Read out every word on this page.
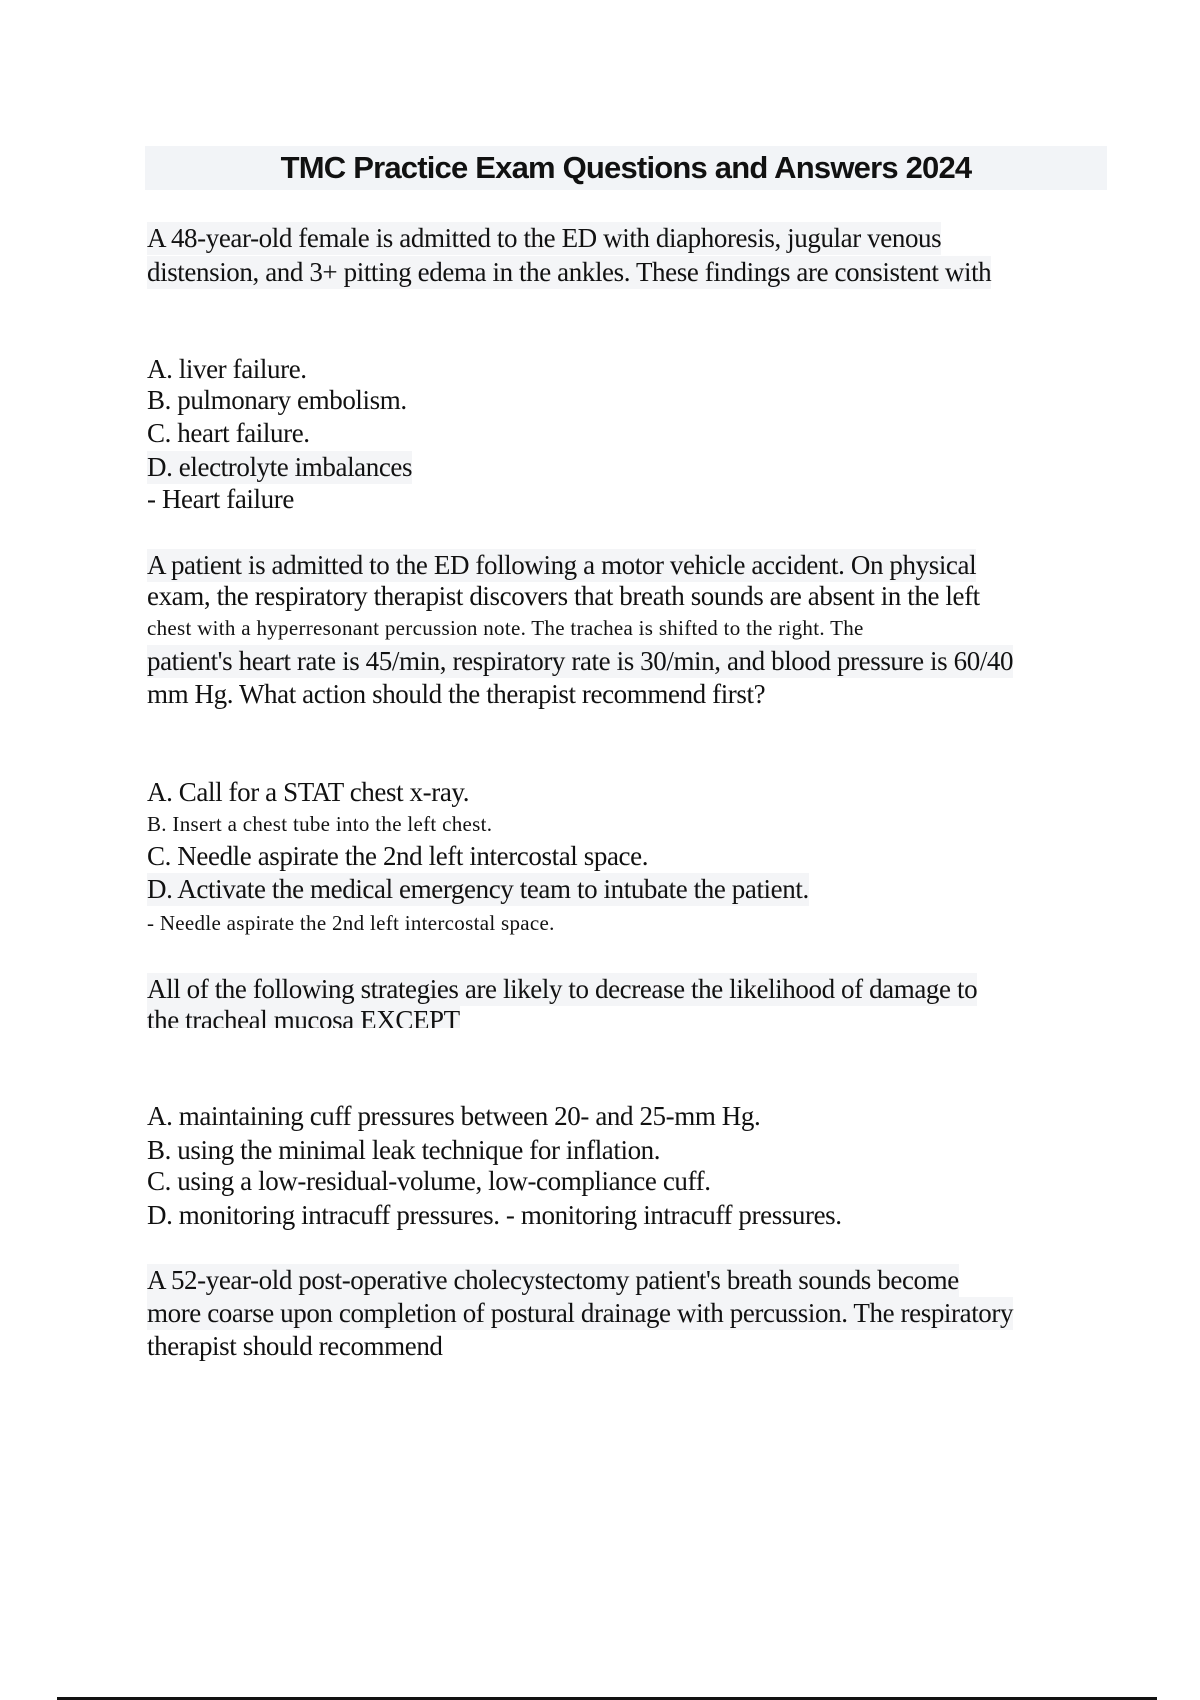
TMC Practice Exam Questions and Answers 2024
A 48-year-old female is admitted to the ED with diaphoresis, jugular venous
distension, and 3+ pitting edema in the ankles. These findings are consistent with
A. liver failure.
B. pulmonary embolism.
C. heart failure.
D. electrolyte imbalances
- Heart failure
A patient is admitted to the ED following a motor vehicle accident. On physical
exam, the respiratory therapist discovers that breath sounds are absent in the left
chest with a hyperresonant percussion note. The trachea is shifted to the right. The
patient's heart rate is 45/min, respiratory rate is 30/min, and blood pressure is 60/40
mm Hg. What action should the therapist recommend first?
A. Call for a STAT chest x-ray.
B. Insert a chest tube into the left chest.
C. Needle aspirate the 2nd left intercostal space.
D. Activate the medical emergency team to intubate the patient.
- Needle aspirate the 2nd left intercostal space.
All of the following strategies are likely to decrease the likelihood of damage to
the tracheal mucosa EXCEPT
A. maintaining cuff pressures between 20- and 25-mm Hg.
B. using the minimal leak technique for inflation.
C. using a low-residual-volume, low-compliance cuff.
D. monitoring intracuff pressures. - monitoring intracuff pressures.
A 52-year-old post-operative cholecystectomy patient's breath sounds become
more coarse upon completion of postural drainage with percussion. The respiratory
therapist should recommend
